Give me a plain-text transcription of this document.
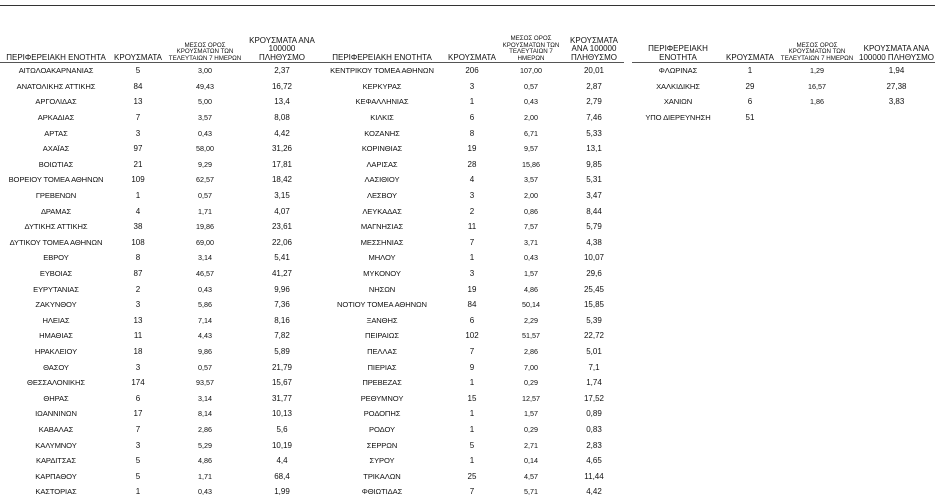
ΠΕΡΙΦΕΡΕΙΑΚΗ ΕΝΟΤΗΤΑ	ΚΡΟΥΣΜΑΤΑ	ΜΕΣΟΣ ΟΡΟΣ ΚΡΟΥΣΜΑΤΩΝ ΤΩΝ ΤΕΛΕΥΤΑΙΩΝ 7 ΗΜΕΡΩΝ	ΚΡΟΥΣΜΑΤΑ ΑΝΑ 100000 ΠΛΗΘΥΣΜΟ
ΑΙΤΩΛΟΑΚΑΡΝΑΝΙΑΣ	5	3,00	2,37
ΑΝΑΤΟΛΙΚΗΣ ΑΤΤΙΚΗΣ	84	49,43	16,72
ΑΡΓΟΛΙΔΑΣ	13	5,00	13,4
ΑΡΚΑΔΙΑΣ	7	3,57	8,08
ΑΡΤΑΣ	3	0,43	4,42
ΑΧΑΪΑΣ	97	58,00	31,26
ΒΟΙΩΤΙΑΣ	21	9,29	17,81
ΒΟΡΕΙΟΥ ΤΟΜΕΑ ΑΘΗΝΩΝ	109	62,57	18,42
ΓΡΕΒΕΝΩΝ	1	0,57	3,15
ΔΡΑΜΑΣ	4	1,71	4,07
ΔΥΤΙΚΗΣ ΑΤΤΙΚΗΣ	38	19,86	23,61
ΔΥΤΙΚΟΥ ΤΟΜΕΑ ΑΘΗΝΩΝ	108	69,00	22,06
ΕΒΡΟΥ	8	3,14	5,41
ΕΥΒΟΙΑΣ	87	46,57	41,27
ΕΥΡΥΤΑΝΙΑΣ	2	0,43	9,96
ΖΑΚΥΝΘΟΥ	3	5,86	7,36
ΗΛΕΙΑΣ	13	7,14	8,16
ΗΜΑΘΙΑΣ	11	4,43	7,82
ΗΡΑΚΛΕΙΟΥ	18	9,86	5,89
ΘΑΣΟΥ	3	0,57	21,79
ΘΕΣΣΑΛΟΝΙΚΗΣ	174	93,57	15,67
ΘΗΡΑΣ	6	3,14	31,77
ΙΩΑΝΝΙΝΩΝ	17	8,14	10,13
ΚΑΒΑΛΑΣ	7	2,86	5,6
ΚΑΛΥΜΝΟΥ	3	5,29	10,19
ΚΑΡΔΙΤΣΑΣ	5	4,86	4,4
ΚΑΡΠΑΘΟΥ	5	1,71	68,4
ΚΑΣΤΟΡΙΑΣ	1	0,43	1,99
ΠΕΡΙΦΕΡΕΙΑΚΗ ΕΝΟΤΗΤΑ	ΚΡΟΥΣΜΑΤΑ	ΜΕΣΟΣ ΟΡΟΣ ΚΡΟΥΣΜΑΤΩΝ ΤΩΝ ΤΕΛΕΥΤΑΙΩΝ 7 ΗΜΕΡΩΝ	ΚΡΟΥΣΜΑΤΑ ΑΝΑ 100000 ΠΛΗΘΥΣΜΟ
ΚΕΝΤΡΙΚΟΥ ΤΟΜΕΑ ΑΘΗΝΩΝ	206	107,00	20,01
ΚΕΡΚΥΡΑΣ	3	0,57	2,87
ΚΕΦΑΛΛΗΝΙΑΣ	1	0,43	2,79
ΚΙΛΚΙΣ	6	2,00	7,46
ΚΟΖΑΝΗΣ	8	6,71	5,33
ΚΟΡΙΝΘΙΑΣ	19	9,57	13,1
ΛΑΡΙΣΑΣ	28	15,86	9,85
ΛΑΣΙΘΙΟΥ	4	3,57	5,31
ΛΕΣΒΟΥ	3	2,00	3,47
ΛΕΥΚΑΔΑΣ	2	0,86	8,44
ΜΑΓΝΗΣΙΑΣ	11	7,57	5,79
ΜΕΣΣΗΝΙΑΣ	7	3,71	4,38
ΜΗΛΟΥ	1	0,43	10,07
ΜΥΚΟΝΟΥ	3	1,57	29,6
ΝΗΣΩΝ	19	4,86	25,45
ΝΟΤΙΟΥ ΤΟΜΕΑ ΑΘΗΝΩΝ	84	50,14	15,85
ΞΑΝΘΗΣ	6	2,29	5,39
ΠΕΙΡΑΙΩΣ	102	51,57	22,72
ΠΕΛΛΑΣ	7	2,86	5,01
ΠΙΕΡΙΑΣ	9	7,00	7,1
ΠΡΕΒΕΖΑΣ	1	0,29	1,74
ΡΕΘΥΜΝΟΥ	15	12,57	17,52
ΡΟΔΟΠΗΣ	1	1,57	0,89
ΡΟΔΟΥ	1	0,29	0,83
ΣΕΡΡΩΝ	5	2,71	2,83
ΣΥΡΟΥ	1	0,14	4,65
ΤΡΙΚΑΛΩΝ	25	4,57	11,44
ΦΘΙΩΤΙΔΑΣ	7	5,71	4,42
ΠΕΡΙΦΕΡΕΙΑΚΗ ΕΝΟΤΗΤΑ	ΚΡΟΥΣΜΑΤΑ	ΜΕΣΟΣ ΟΡΟΣ ΚΡΟΥΣΜΑΤΩΝ ΤΩΝ ΤΕΛΕΥΤΑΙΩΝ 7 ΗΜΕΡΩΝ	ΚΡΟΥΣΜΑΤΑ ΑΝΑ 100000 ΠΛΗΘΥΣΜΟ
ΦΛΩΡΙΝΑΣ	1	1,29	1,94
ΧΑΛΚΙΔΙΚΗΣ	29	16,57	27,38
ΧΑΝΙΩΝ	6	1,86	3,83
ΥΠΟ ΔΙΕΡΕΥΝΗΣΗ	51		
